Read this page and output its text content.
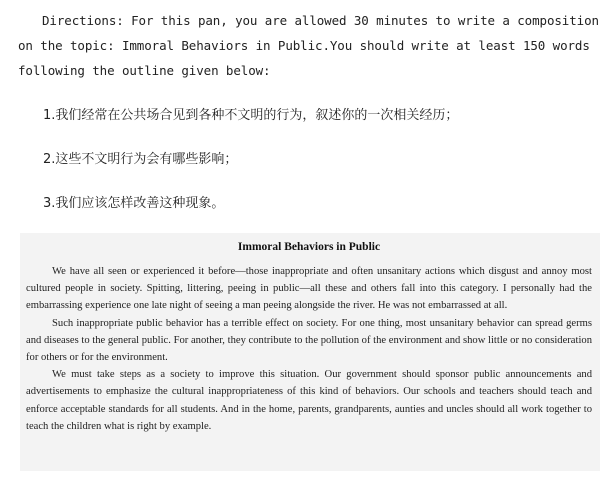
Directions: For this pan, you are allowed 30 minutes to write a composition on the topic: Immoral Behaviors in Public.You should write at least 150 words following the outline given below:
1.我们经常在公共场合见到各种不文明的行为，叙述你的一次相关经历；
2.这些不文明行为会有哪些影响；
3.我们应该怎样改善这种现象。
Immoral Behaviors in Public

We have all seen or experienced it before—those inappropriate and often unsanitary actions which disgust and annoy most cultured people in society. Spitting, littering, peeing in public—all these and others fall into this category. I personally had the embarrassing experience one late night of seeing a man peeing alongside the river. He was not embarrassed at all.

Such inappropriate public behavior has a terrible effect on society. For one thing, most unsanitary behavior can spread germs and diseases to the general public. For another, they contribute to the pollution of the environment and show little or no consideration for others or for the environment.

We must take steps as a society to improve this situation. Our government should sponsor public announcements and advertisements to emphasize the cultural inappropriateness of this kind of behaviors. Our schools and teachers should teach and enforce acceptable standards for all students. And in the home, parents, grandparents, aunties and uncles should all work together to teach the children what is right by example.
